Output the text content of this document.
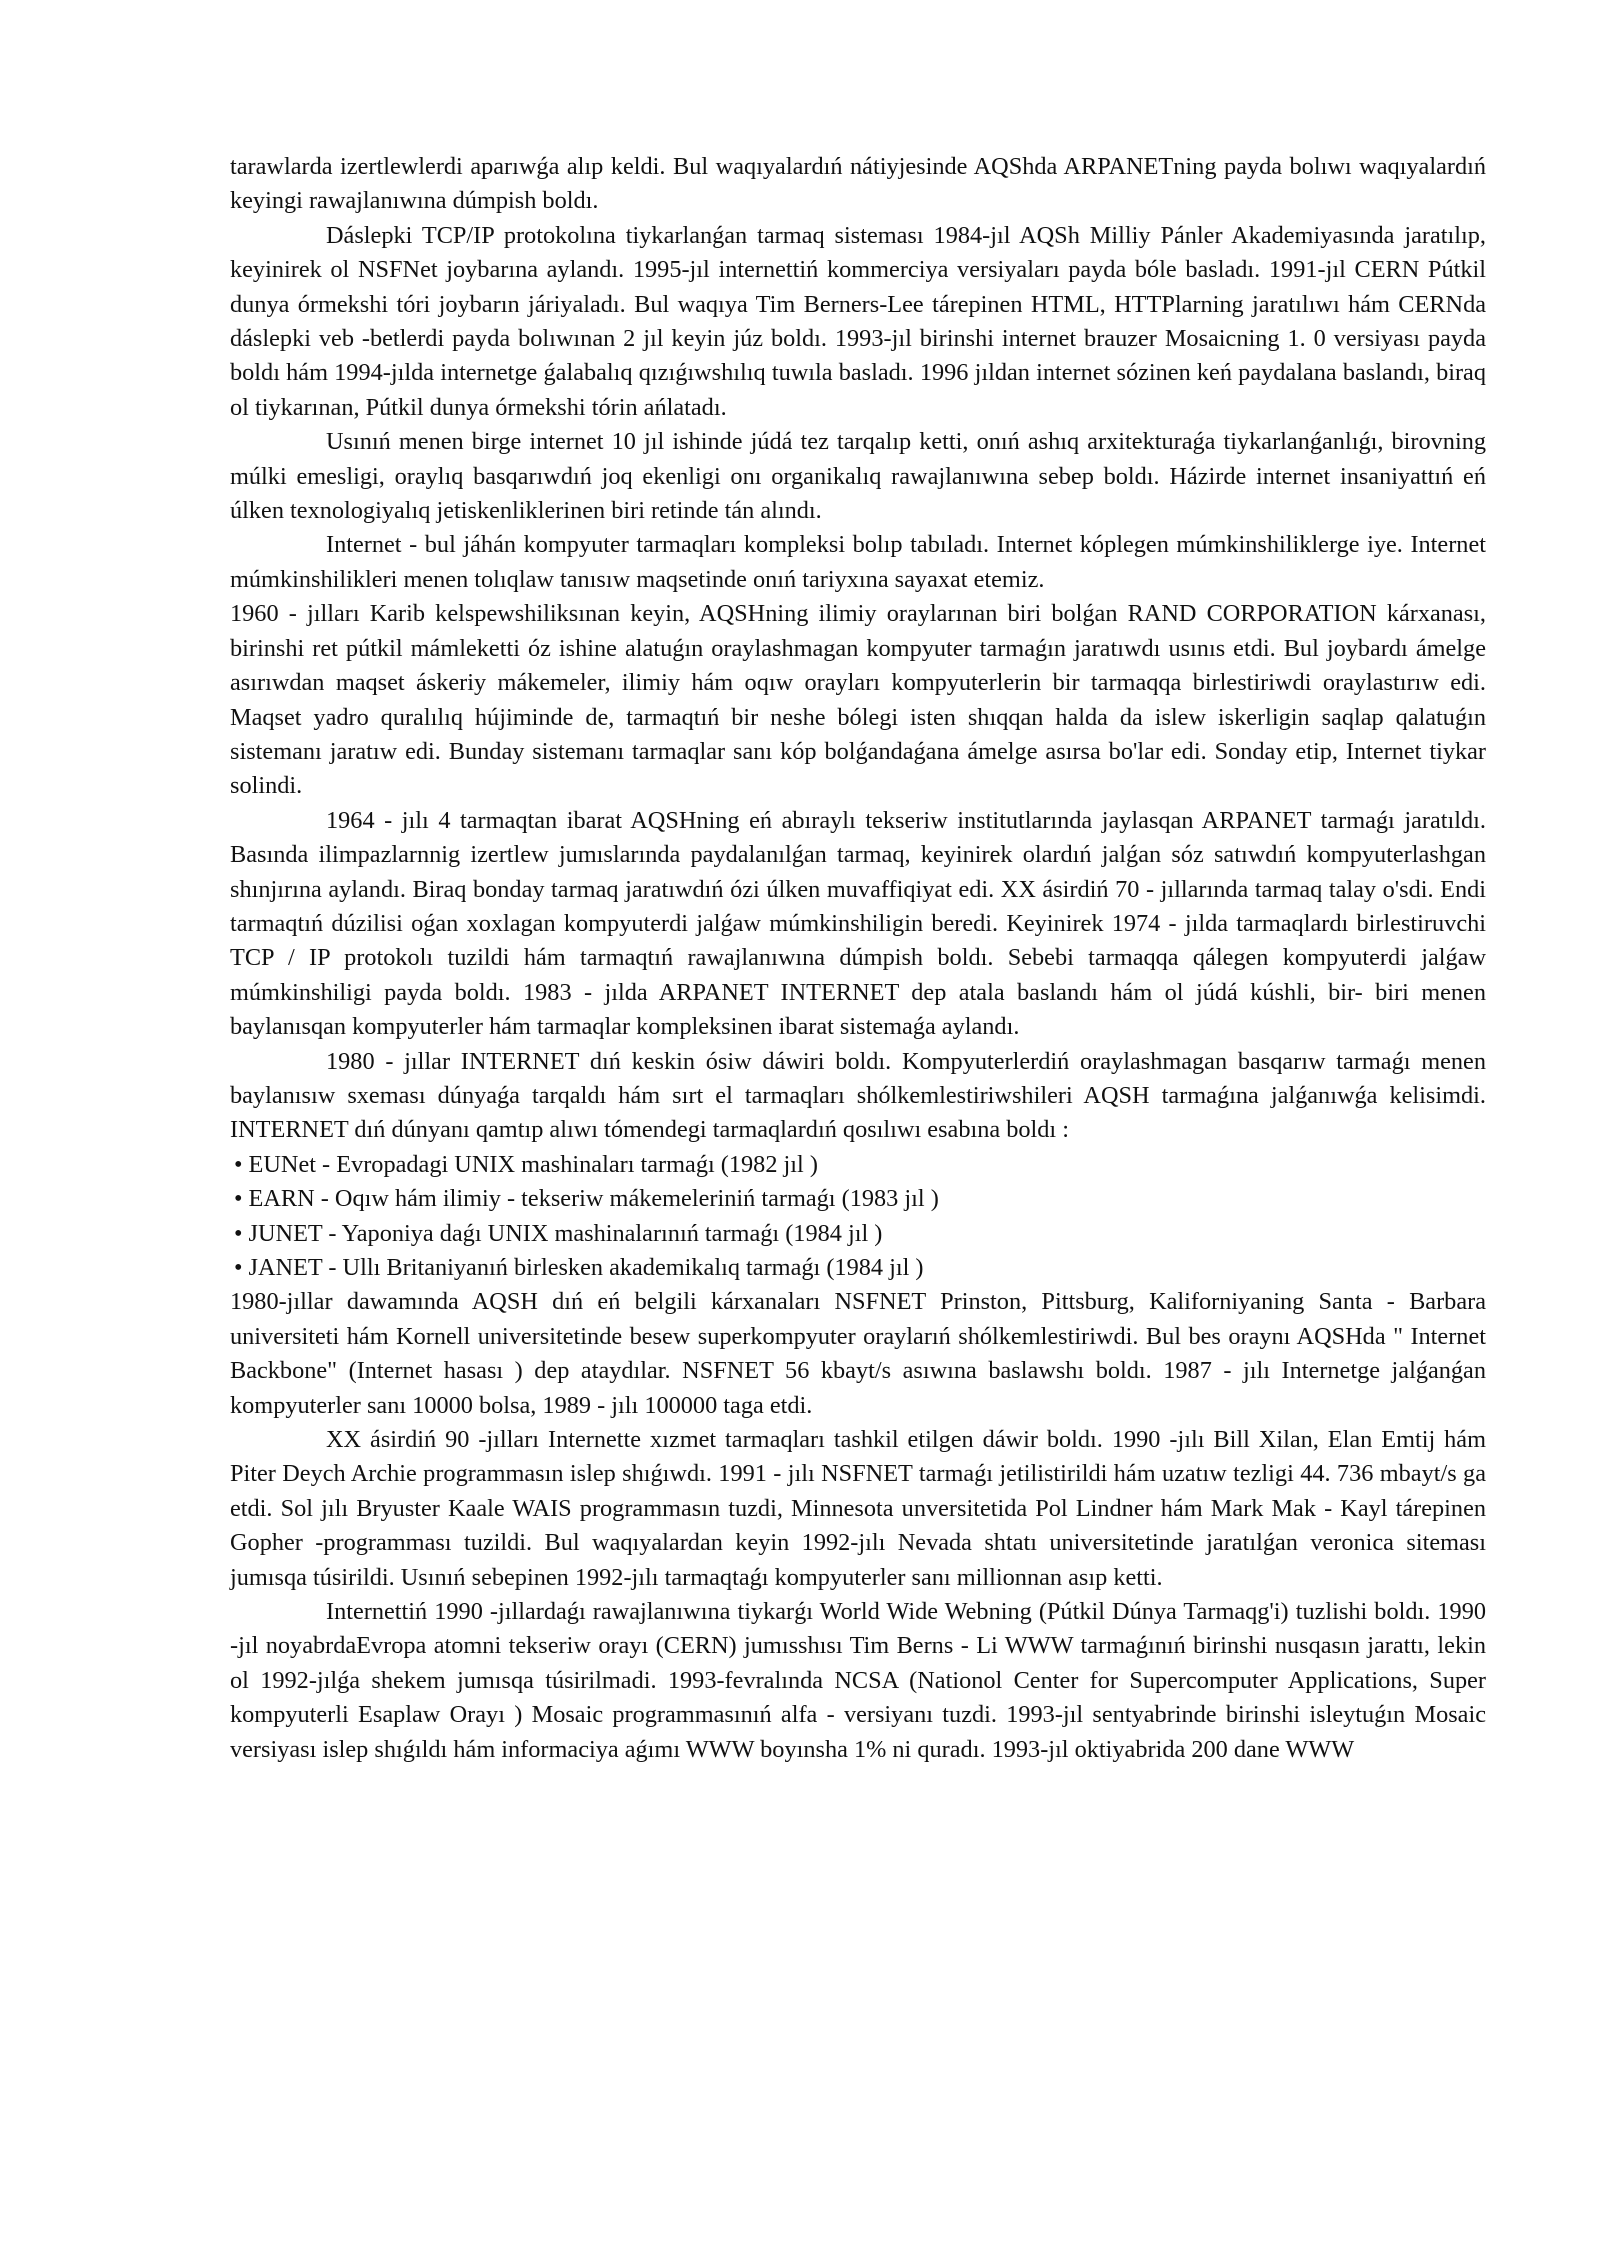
tarawlarda izertlewlerdi aparıwǵa alıp keldi. Bul waqıyalardıń nátiyjesinde AQShda ARPANETning payda bolıwı waqıyalardıń keyingi rawajlanıwına dúmpish boldı.

Dáslepki TCP/IP protokolına tiykarlanǵan tarmaq sisteması 1984-jıl AQSh Milliy Pánler Akademiyasında jaratılıp, keyinirek ol NSFNet joybarına aylandı. 1995-jıl internettiń kommerciya versiyaları payda bóle basladı. 1991-jıl CERN Pútkil dunya órmekshi tóri joybarın járiyaladı. Bul waqıya Tim Berners-Lee tárepinen HTML, HTTPlarning jaratılıwı hám CERNda dáslepki veb -betlerdi payda bolıwınan 2 jıl keyin júz boldı. 1993-jıl birinshi internet brauzer Mosaicning 1. 0 versiyası payda boldı hám 1994-jılda internetge ǵalabalıq qızıǵıwshılıq tuwıla basladı. 1996 jıldan internet sózinen keń paydalana baslandı, biraq ol tiykarınan, Pútkil dunya órmekshi tórin ańlatadı.

Usınıń menen birge internet 10 jıl ishinde júdá tez tarqalıp ketti, onıń ashıq arxitekturaǵa tiykarlanǵanlıǵı, birovning múlki emesligi, oraylıq basqarıwdıń joq ekenligi onı organikalıq rawajlanıwına sebep boldı. Házirde internet insaniyattıń eń úlken texnologiyalıq jetiskenliklerinen biri retinde tán alındı.

Internet - bul jáhán kompyuter tarmaqları kompleksi bolıp tabıladı. Internet kóplegen múmkinshiliklerge iye. Internet múmkinshilikleri menen tolıqlaw tanısıw maqsetinde onıń tariyxına sayaxat etemiz.

1960 - jılları Karib kelspewshiliksınan keyin, AQSHning ilimiy oraylarınan biri bolǵan RAND CORPORATION kárxanası, birinshi ret pútkil mámleketti óz ishine alatuǵın oraylashmagan kompyuter tarmaǵın jaratıwdı usınıs etdi. Bul joybardı ámelge asırıwdan maqset áskeriy mákemeler, ilimiy hám oqıw orayları kompyuterlerin bir tarmaqqa birlestiriwdi oraylastırıw edi. Maqset yadro quralılıq hújiminde de, tarmaqtıń bir neshe bólegi isten shıqqan halda da islew iskerligin saqlap qalatuǵın sistemanı jaratıw edi. Bunday sistemanı tarmaqlar sanı kóp bolǵandaǵana ámelge asırsa bo'lar edi. Sonday etip, Internet tiykar solindi.

1964 - jılı 4 tarmaqtan ibarat AQSHning eń abıraylı tekseriw institutlarında jaylasqan ARPANET tarmaǵı jaratıldı. Basında ilimpazlarnnig izertlew jumıslarında paydalanılǵan tarmaq, keyinirek olardıń jalǵan sóz satıwdıń kompyuterlashgan shınjırına aylandı. Biraq bonday tarmaq jaratıwdıń ózi úlken muvaffiqiyat edi. XX ásirdiń 70 - jıllarında tarmaq talay o'sdi. Endi tarmaqtıń dúzilisi oǵan xoxlagan kompyuterdi jalǵaw múmkinshiligin beredi. Keyinirek 1974 - jılda tarmaqlardı birlestiruvchi TCP / IP protokolı tuzildi hám tarmaqtıń rawajlanıwına dúmpish boldı. Sebebi tarmaqqa qálegen kompyuterdi jalǵaw múmkinshiligi payda boldı. 1983 - jılda ARPANET INTERNET dep atala baslandı hám ol júdá kúshli, bir- biri menen baylanısqan kompyuterler hám tarmaqlar kompleksinen ibarat sistemaǵa aylandı.

1980 - jıllar INTERNET dıń keskin ósiw dáwiri boldı. Kompyuterlerdiń oraylashmagan basqarıw tarmaǵı menen baylanısıw sxeması dúnyaǵa tarqaldı hám sırt el tarmaqları shólkemlestiriwshileri AQSH tarmaǵına jalǵanıwǵa kelisimdi. INTERNET dıń dúnyanı qamtıp alıwı tómendegi tarmaqlardıń qosılıwı esabına boldı :

• EUNet - Evropadagi UNIX mashinaları tarmaǵı (1982 jıl )

• EARN - Oqıw hám ilimiy - tekseriw mákemeleriniń tarmaǵı (1983 jıl )

• JUNET - Yaponiya daǵı UNIX mashinalarınıń tarmaǵı (1984 jıl )

• JANET - Ullı Britaniyanıń birlesken akademikalıq tarmaǵı (1984 jıl )

1980-jıllar dawamında AQSH dıń eń belgili kárxanaları NSFNET Prinston, Pittsburg, Kaliforniyaning Santa - Barbara universiteti hám Kornell universitetinde besew superkompyuter oraylarıń shólkemlestiriwdi. Bul bes oraynı AQSHda " Internet Backbone" (Internet hasası ) dep ataydılar. NSFNET 56 kbayt/s asıwına baslawshı boldı. 1987 - jılı Internetge jalǵanǵan kompyuterler sanı 10000 bolsa, 1989 - jılı 100000 taga etdi.

XX ásirdiń 90 -jılları Internette xızmet tarmaqları tashkil etilgen dáwir boldı. 1990 -jılı Bill Xilan, Elan Emtij hám Piter Deych Archie programmasın islep shıǵıwdı. 1991 - jılı NSFNET tarmaǵı jetilistirildi hám uzatıw tezligi 44. 736 mbayt/s ga etdi. Sol jılı Bryuster Kaale WAIS programmasın tuzdi, Minnesota unversitetida Pol Lindner hám Mark Mak - Kayl tárepinen Gopher -programması tuzildi. Bul waqıyalardan keyin 1992-jılı Nevada shtatı universitetinde jaratılǵan veronica siteması jumısqa túsirildi. Usınıń sebepinen 1992-jılı tarmaqtaǵı kompyuterler sanı millionnan asıp ketti.

Internettiń 1990 -jıllardaǵı rawajlanıwına tiykarǵı World Wide Webning (Pútkil Dúnya Tarmaqg'i) tuzlishi boldı. 1990 -jıl noyabrdaEvropa atomni tekseriw orayı (CERN) jumısshısı Tim Berns - Li WWW tarmaǵınıń birinshi nusqasın jarattı, lekin ol 1992-jılǵa shekem jumısqa túsirilmadi. 1993-fevralında NCSA (Nationol Center for Supercomputer Applications, Super kompyuterli Esaplaw Orayı ) Mosaic programmasınıń alfa - versiyanı tuzdi. 1993-jıl sentyabrinde birinshi isleytuǵın Mosaic versiyası islep shıǵıldı hám informaciya aǵımı WWW boyınsha 1% ni quradı. 1993-jıl oktiyabrida 200 dane WWW
